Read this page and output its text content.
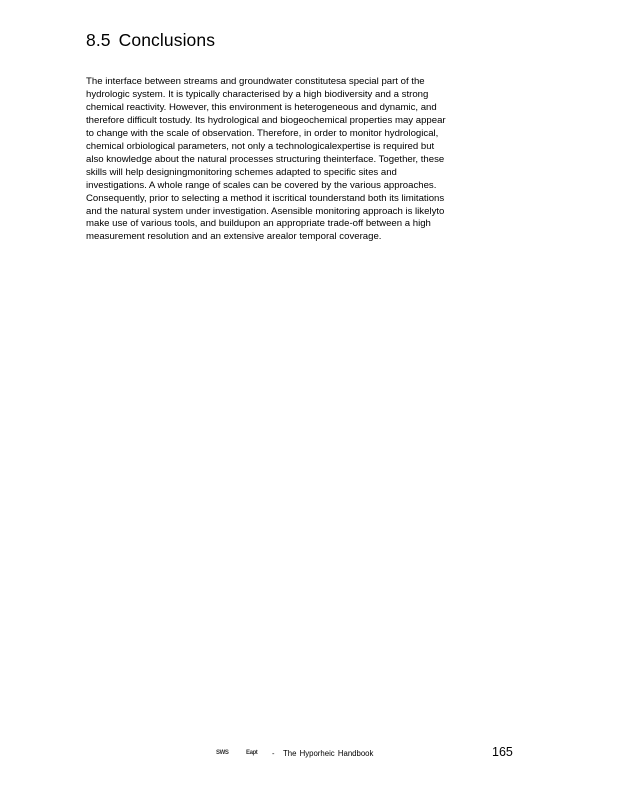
8.5 Conclusions
The interface between streams and groundwater constitutesa special part of the
hydrologic system. It is typically characterised by a high biodiversity and a strong
chemical reactivity. However, this environment is heterogeneous and dynamic, and
therefore difficult tostudy. Its hydrological and biogeochemical properties may appear
to change with the scale of observation. Therefore, in order to monitor hydrological,
chemical orbiological parameters, not only a technologicalexpertise is required but
also knowledge about the natural processes structuring theinterface. Together, these
skills will help designingmonitoring schemes adapted to specific sites and
investigations. A whole range of scales can be covered by the various approaches.
Consequently, prior to selecting a method it iscritical tounderstand both its limitations
and the natural system under investigation. Asensible monitoring approach is likelyto
make use of various tools, and buildupon an appropriate trade-off between a high
measurement resolution and an extensive arealor temporal coverage.
SWS	Eapt - The Hyporheic Handbook	165
